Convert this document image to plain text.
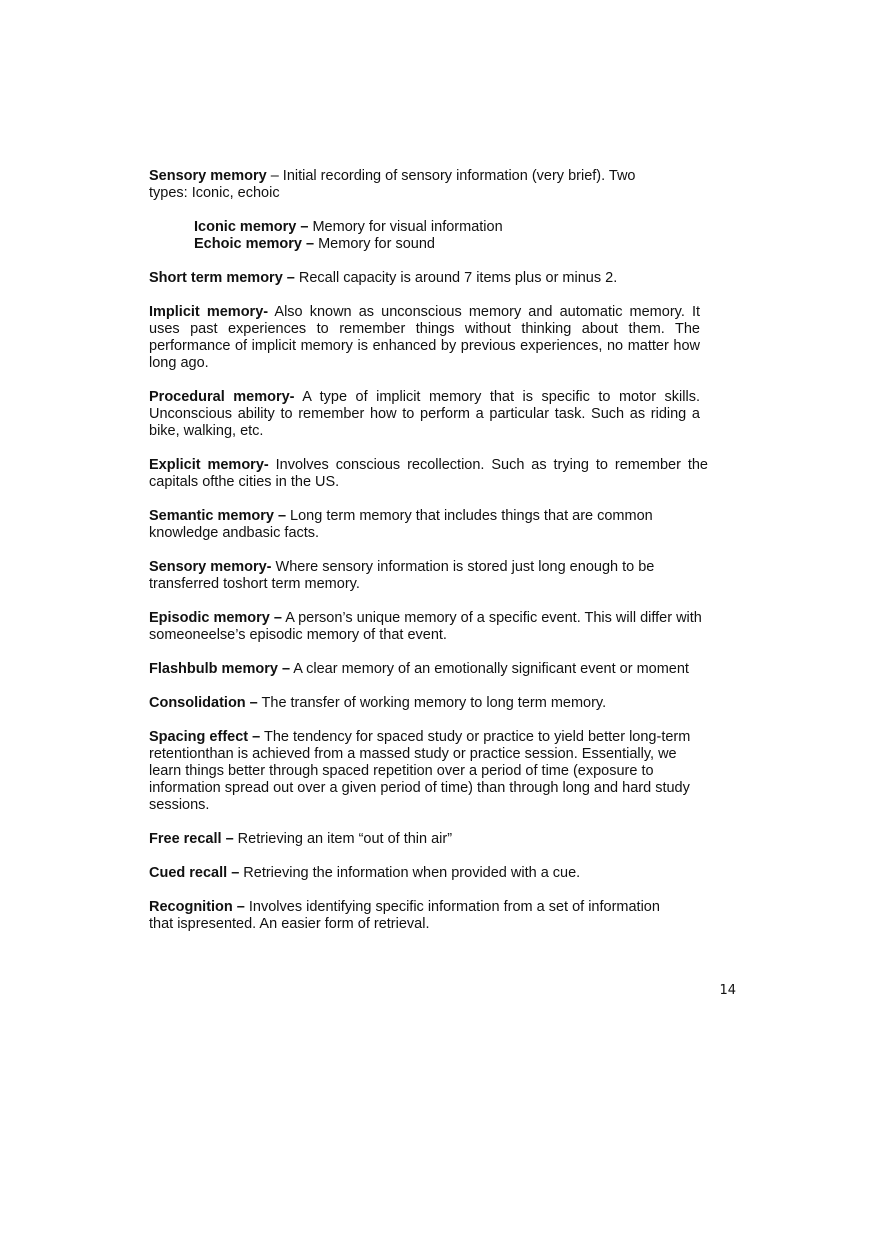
Sensory memory – Initial recording of sensory information (very brief). Two types: Iconic, echoic

Iconic memory – Memory for visual information

Echoic memory – Memory for sound

Short term memory – Recall capacity is around 7 items plus or minus 2.

Implicit memory- Also known as unconscious memory and automatic memory. It uses past experiences to remember things without thinking about them. The performance of implicit memory is enhanced by previous experiences, no matter how long ago.

Procedural memory- A type of implicit memory that is specific to motor skills. Unconscious ability to remember how to perform a particular task. Such as riding a bike, walking, etc.

Explicit memory- Involves conscious recollection. Such as trying to remember the capitals ofthe cities in the US.

Semantic memory – Long term memory that includes things that are common knowledge andbasic facts.

Sensory memory- Where sensory information is stored just long enough to be transferred toshort term memory.

Episodic memory – A person’s unique memory of a specific event. This will differ with someoneelse’s episodic memory of that event.

Flashbulb memory – A clear memory of an emotionally significant event or moment

Consolidation – The transfer of working memory to long term memory.

Spacing effect – The tendency for spaced study or practice to yield better long-term retentionthan is achieved from a massed study or practice session. Essentially, we learn things better through spaced repetition over a period of time (exposure to information spread out over a given period of time) than through long and hard study sessions.

Free recall – Retrieving an item “out of thin air”

Cued recall – Retrieving the information when provided with a cue.

Recognition – Involves identifying specific information from a set of information that ispresented. An easier form of retrieval.

14
